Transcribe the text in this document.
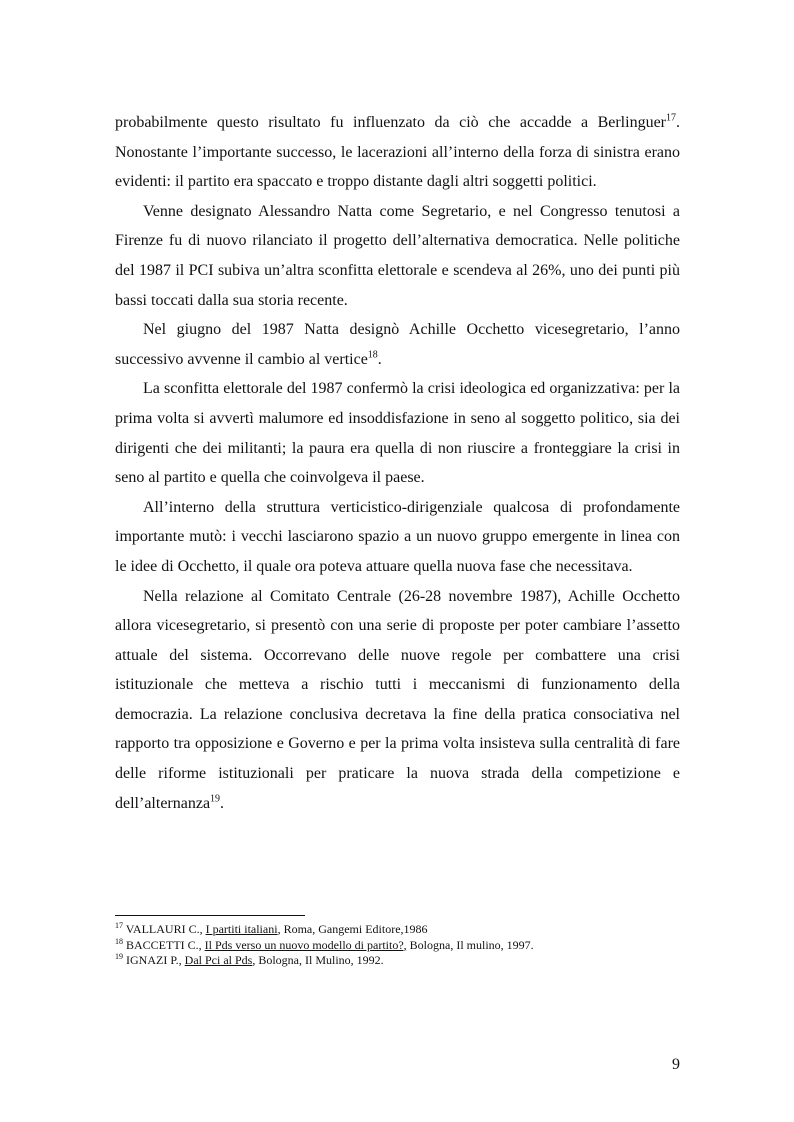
probabilmente questo risultato fu influenzato da ciò che accadde a Berlinguer$^{17}$. Nonostante l’importante successo, le lacerazioni all’interno della forza di sinistra erano evidenti: il partito era spaccato e troppo distante dagli altri soggetti politici.

Venne designato Alessandro Natta come Segretario, e nel Congresso tenutosi a Firenze fu di nuovo rilanciato il progetto dell’alternativa democratica. Nelle politiche del 1987 il PCI subiva un’altra sconfitta elettorale e scendeva al 26%, uno dei punti più bassi toccati dalla sua storia recente.

Nel giugno del 1987 Natta designò Achille Occhetto vicesegretario, l’anno successivo avvenne il cambio al vertice$^{18}$.

La sconfitta elettorale del 1987 confermò la crisi ideologica ed organizzativa: per la prima volta si avvertì malumore ed insoddisfazione in seno al soggetto politico, sia dei dirigenti che dei militanti; la paura era quella di non riuscire a fronteggiare la crisi in seno al partito e quella che coinvolgeva il paese.

All’interno della struttura verticistico-dirigenziale qualcosa di profondamente importante mutò: i vecchi lasciarono spazio a un nuovo gruppo emergente in linea con le idee di Occhetto, il quale ora poteva attuare quella nuova fase che necessitava.

Nella relazione al Comitato Centrale (26-28 novembre 1987), Achille Occhetto allora vicesegretario, si presentò con una serie di proposte per poter cambiare l’assetto attuale del sistema. Occorrevano delle nuove regole per combattere una crisi istituzionale che metteva a rischio tutti i meccanismi di funzionamento della democrazia. La relazione conclusiva decretava la fine della pratica consociativa nel rapporto tra opposizione e Governo e per la prima volta insisteva sulla centralità di fare delle riforme istituzionali per praticare la nuova strada della competizione e dell’alternanza$^{19}$.

$^{17}$ VALLAURI C., I partiti italiani, Roma, Gangemi Editore,1986
$^{18}$ BACCETTI C., Il Pds verso un nuovo modello di partito?, Bologna, Il mulino, 1997.
$^{19}$ IGNAZI P., Dal Pci al Pds, Bologna, Il Mulino, 1992.
9
